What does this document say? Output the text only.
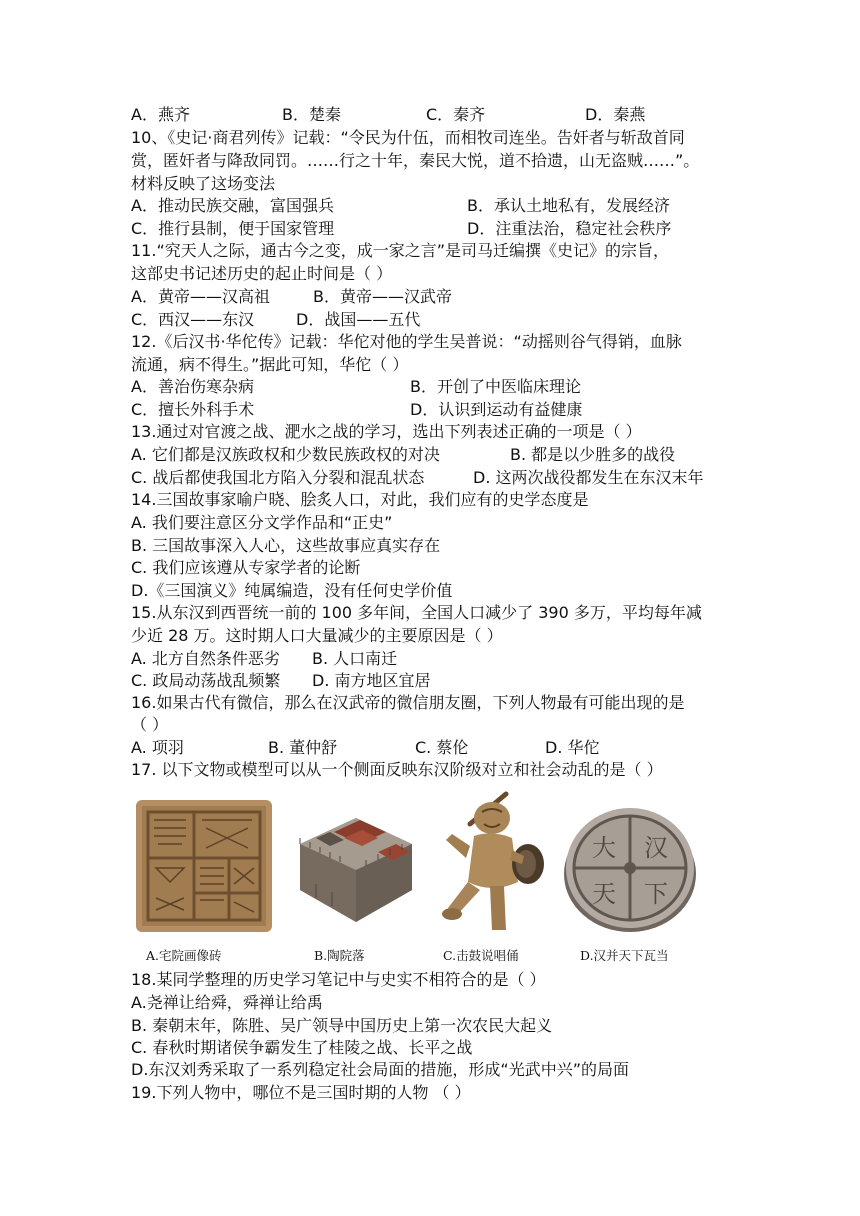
A．燕齐	B．楚秦	C．秦齐	D．秦燕
10、《史记·商君列传》记载：“令民为什伍，而相牧司连坐。告奸者与斩敌首同
赏，匿奸者与降敌同罚。……行之十年，秦民大悦，道不拾遗，山无盗贼……”。
材料反映了这场变法
A．推动民族交融，富国强兵	B．承认土地私有，发展经济
C．推行县制，便于国家管理	D．注重法治，稳定社会秩序
11.“究天人之际，通古今之变，成一家之言”是司马迁编撰《史记》的宗旨，
这部史书记述历史的起止时间是（ ）
A．黄帝——汉高祖	B．黄帝——汉武帝
C．西汉——东汉	D．战国——五代
12.《后汉书·华佗传》记载：华佗对他的学生吴普说：“动摇则谷气得销，血脉
流通，病不得生。”据此可知，华佗（ ）
A．善治伤寒杂病	B．开创了中医临床理论
C．擅长外科手术	D．认识到运动有益健康
13.通过对官渡之战、淝水之战的学习，选出下列表述正确的一项是（ ）
A. 它们都是汉族政权和少数民族政权的对决	B. 都是以少胜多的战役
C. 战后都使我国北方陷入分裂和混乱状态	D. 这两次战役都发生在东汉末年
14.三国故事家喻户晓、脍炙人口，对此，我们应有的史学态度是
A. 我们要注意区分文学作品和“正史”
B. 三国故事深入人心，这些故事应真实存在
C. 我们应该遵从专家学者的论断
D.《三国演义》纯属编造，没有任何史学价值
15.从东汉到西晋统一前的 100 多年间，全国人口减少了 390 多万，平均每年减
少近 28 万。这时期人口大量减少的主要原因是（ ）
A. 北方自然条件恶劣 B. 人口南迁
C. 政局动荡战乱频繁 D. 南方地区宜居
16.如果古代有微信，那么在汉武帝的微信朋友圈，下列人物最有可能出现的是
（ ）
A. 项羽	B. 董仲舒	C. 蔡伦	D. 华佗
17. 以下文物或模型可以从一个侧面反映东汉阶级对立和社会动乱的是（ ）
A.宅院画像砖	B.陶院落	C.击鼓说唱俑
大 汉
天 下
D.汉并天下瓦当
18.某同学整理的历史学习笔记中与史实不相符合的是（ ）
A.尧禅让给舜，舜禅让给禹
B. 秦朝末年，陈胜、吴广领导中国历史上第一次农民大起义
C. 春秋时期诸侯争霸发生了桂陵之战、长平之战
D.东汉刘秀采取了一系列稳定社会局面的措施，形成“光武中兴”的局面
19.下列人物中，哪位不是三国时期的人物 （ ）
